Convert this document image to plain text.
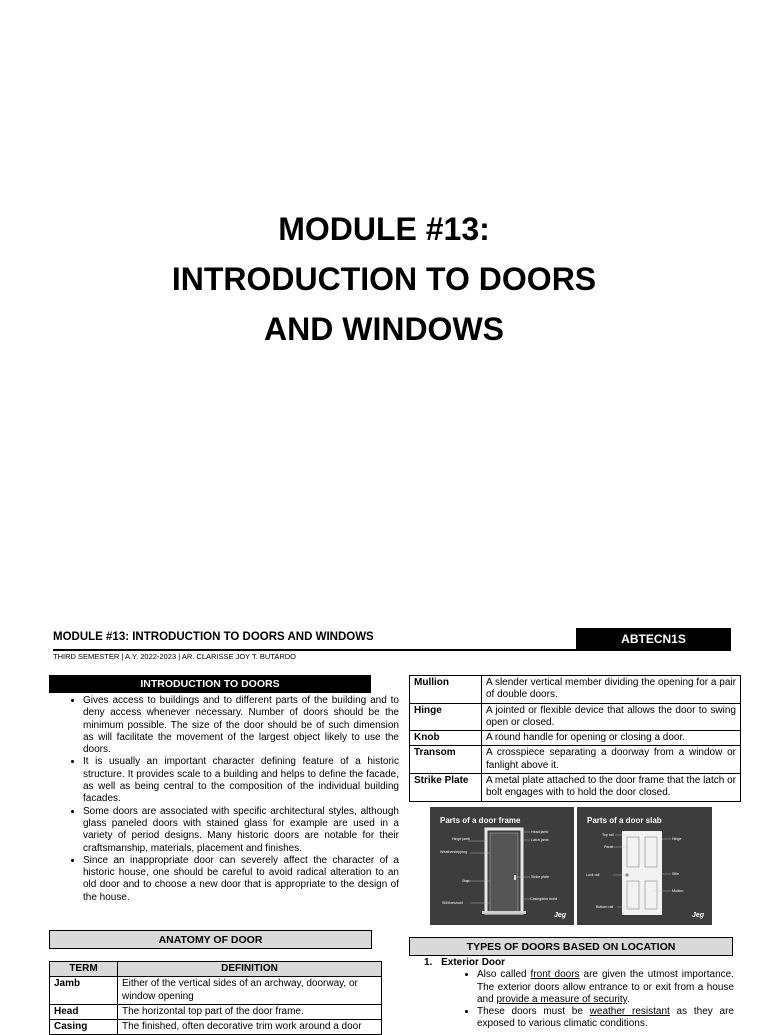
MODULE #13:
INTRODUCTION TO DOORS
AND WINDOWS
MODULE #13: INTRODUCTION TO DOORS AND WINDOWS	ABTECN1S
THIRD SEMESTER | A.Y. 2022-2023 | AR. CLARISSE JOY T. BUTARDO
INTRODUCTION TO DOORS
• Gives access to buildings and to different parts of the building and to deny access whenever necessary. Number of doors should be the minimum possible. The size of the door should be of such dimension as will facilitate the movement of the largest object likely to use the doors.
• It is usually an important character defining feature of a historic structure. It provides scale to a building and helps to define the facade, as well as being central to the composition of the individual building facades.
• Some doors are associated with specific architectural styles, although glass paneled doors with stained glass for example are used in a variety of period designs. Many historic doors are notable for their craftsmanship, materials, placement and finishes.
• Since an inappropriate door can severely affect the character of a historic house, one should be careful to avoid radical alteration to an old door and to choose a new door that is appropriate to the design of the house.
ANATOMY OF DOOR
TERM	DEFINITION
Jamb	Either of the vertical sides of an archway, doorway, or window opening
Head	The horizontal top part of the door frame.
Casing	The finished, often decorative trim work around a door
Mullion	A slender vertical member dividing the opening for a pair of double doors.
Hinge	A jointed or flexible device that allows the door to swing open or closed.
Knob	A round handle for opening or closing a door.
Transom	A crosspiece separating a doorway from a window or fanlight above it.
Strike Plate	A metal plate attached to the door frame that the latch or bolt engages with to hold the door closed.
Parts of a door frame
Hinge jamb
Weatherstripping
Stop
Sill/threshold
Head jamb
Latch jamb
Strike plate
Casing/trim mold
Jeg
Parts of a door slab
Top rail
Panel
Hinge
Lock rail	Stile
Mullion
Bottom rail
Jeg
TYPES OF DOORS BASED ON LOCATION
1. Exterior Door
• Also called front doors are given the utmost importance. The exterior doors allow entrance to or exit from a house and provide a measure of security.
• These doors must be weather resistant as they are exposed to various climatic conditions.
